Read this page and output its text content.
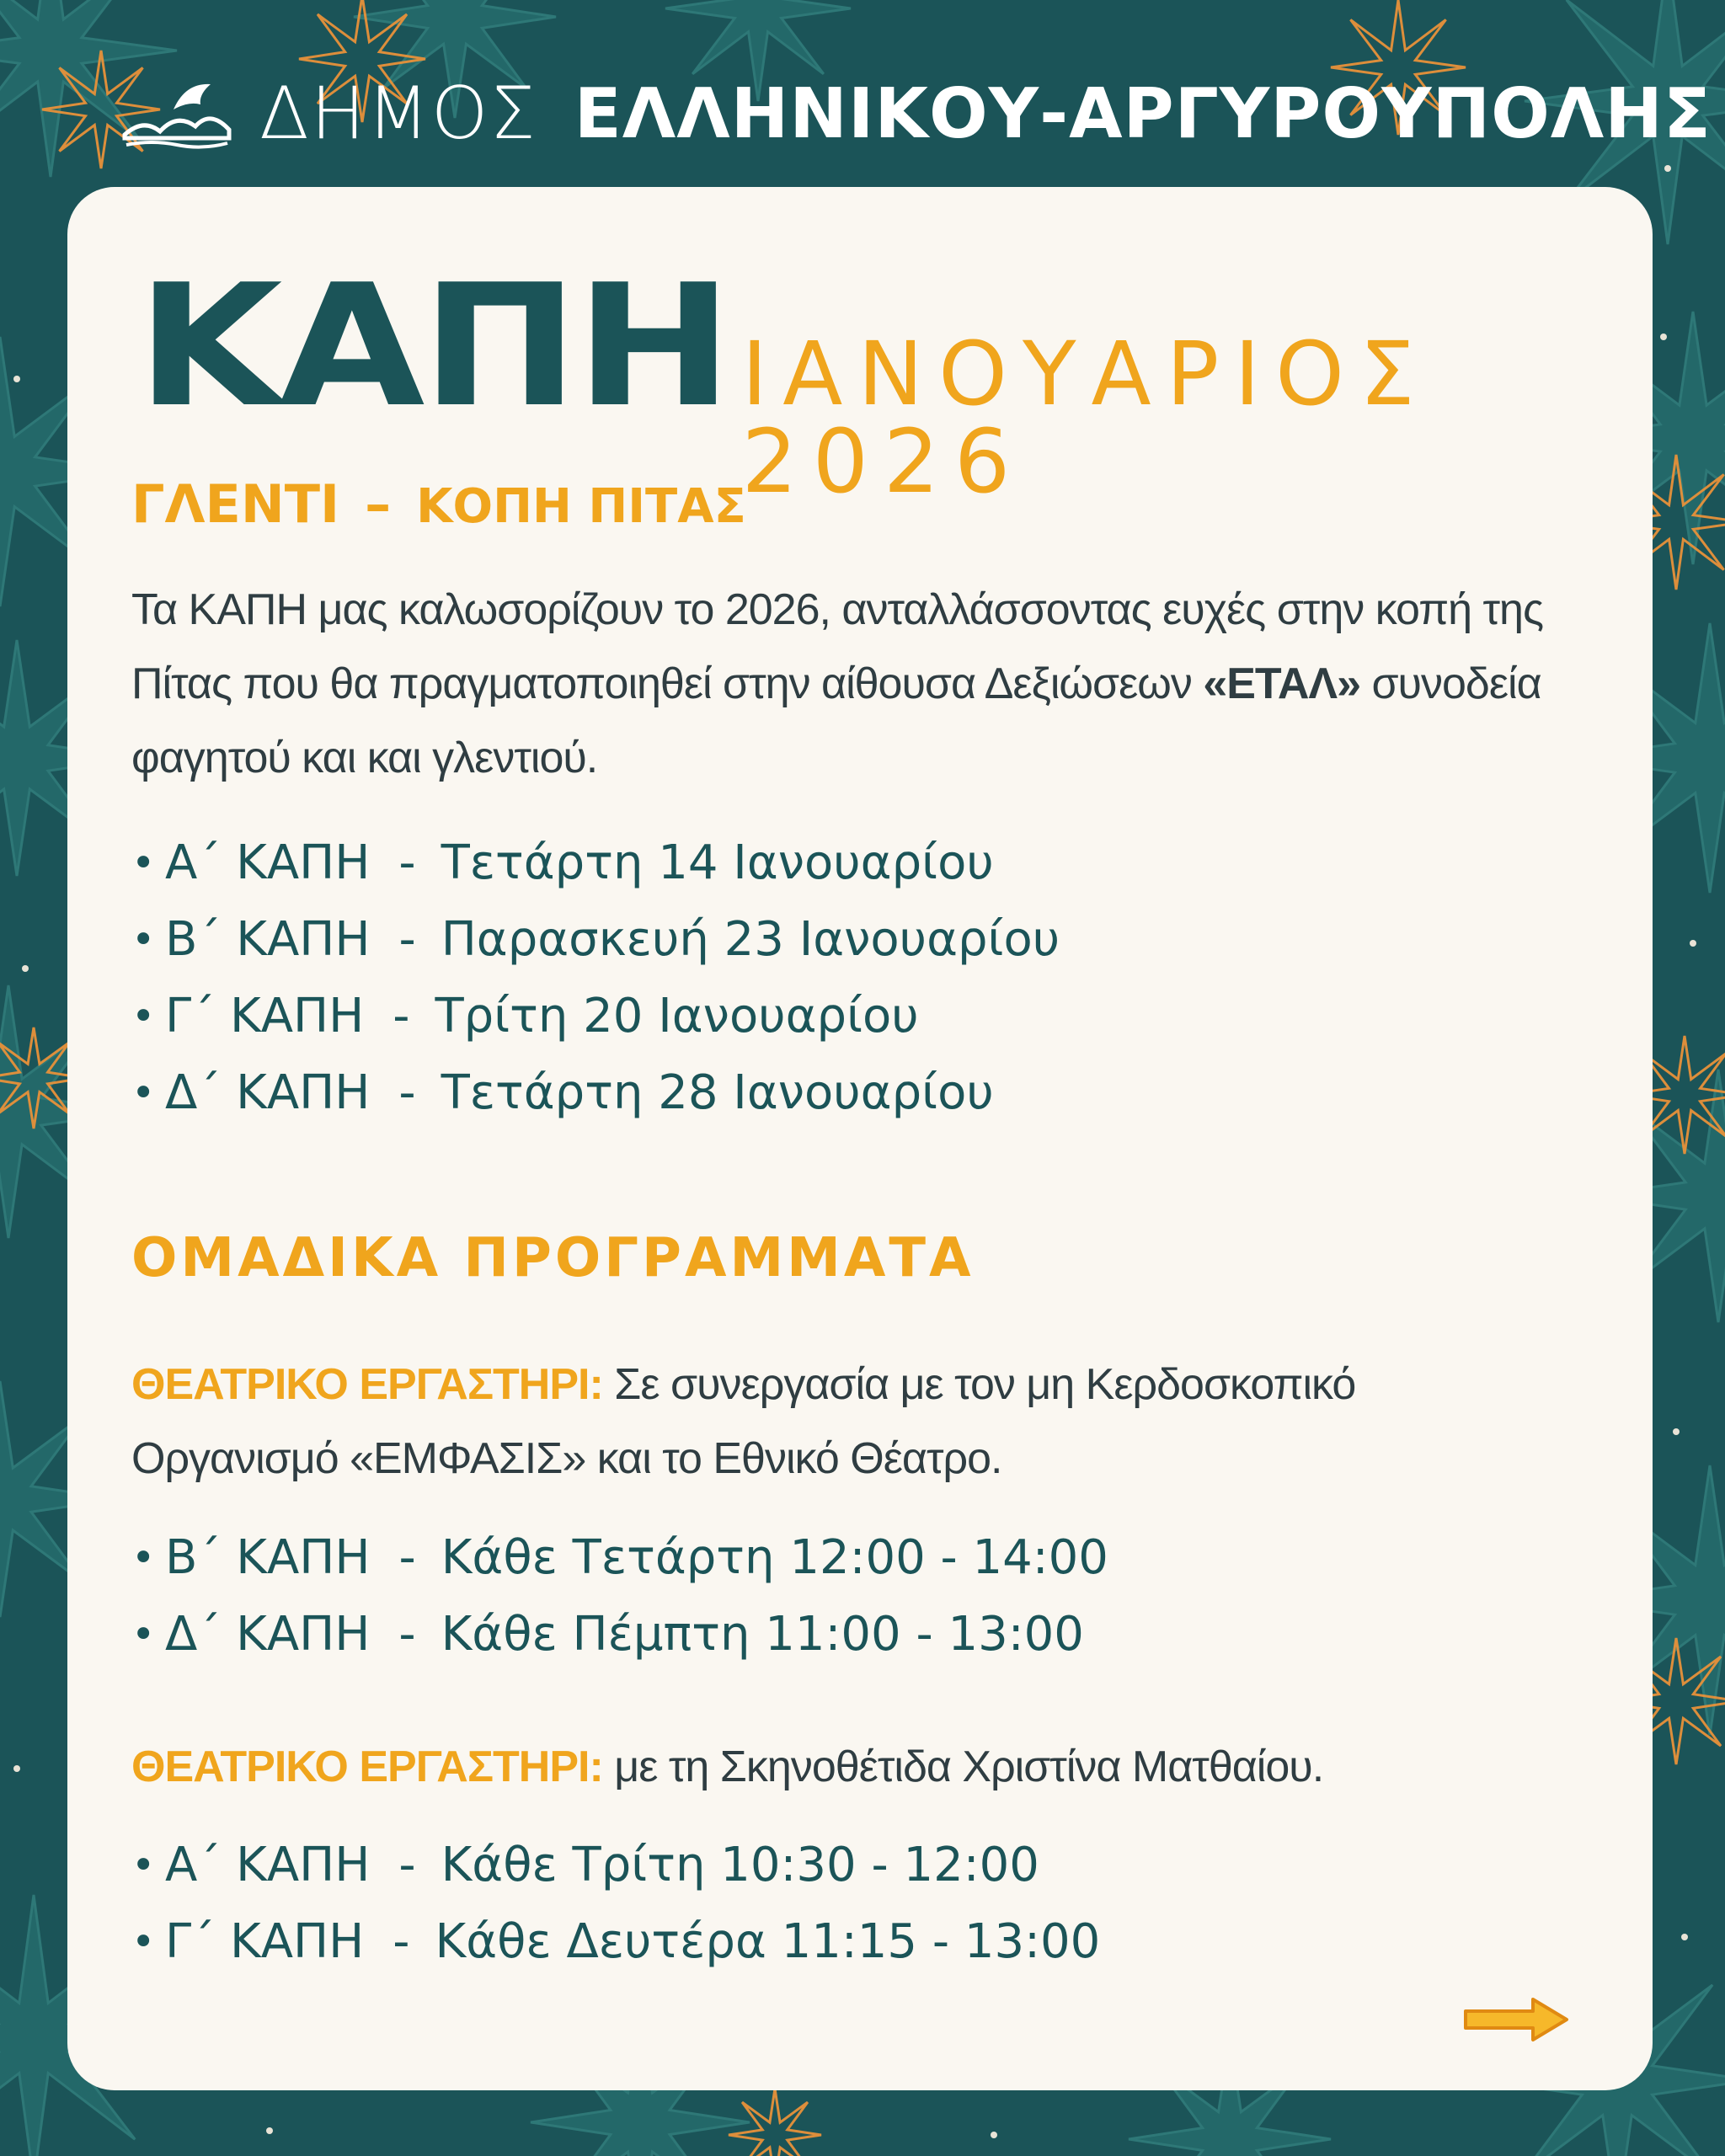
ΔΗΜΟΣ ΕΛΛΗΝΙΚΟΥ-ΑΡΓΥΡΟΥΠΟΛΗΣ
ΚΑΠΗ ΙΑΝΟΥΑΡΙΟΣ 2026
ΓΛΕΝΤΙ – ΚΟΠΗ ΠΙΤΑΣ
Τα ΚΑΠΗ μας καλωσορίζουν το 2026, ανταλλάσσοντας ευχές στην κοπή της Πίτας που θα πραγματοποιηθεί στην αίθουσα Δεξιώσεων «ΕΤΑΛ» συνοδεία φαγητού και και γλεντιού.
• Α΄ ΚΑΠΗ - Τετάρτη 14 Ιανουαρίου
• Β΄ ΚΑΠΗ - Παρασκευή 23 Ιανουαρίου
• Γ΄ ΚΑΠΗ - Τρίτη 20 Ιανουαρίου
• Δ΄ ΚΑΠΗ - Τετάρτη 28 Ιανουαρίου
ΟΜΑΔΙΚΑ ΠΡΟΓΡΑΜΜΑΤΑ
ΘΕΑΤΡΙΚΟ ΕΡΓΑΣΤΗΡΙ: Σε συνεργασία με τον μη Κερδοσκοπικό Οργανισμό «ΕΜΦΑΣΙΣ» και το Εθνικό Θέατρο.
• Β΄ ΚΑΠΗ - Κάθε Τετάρτη 12:00 - 14:00
• Δ΄ ΚΑΠΗ - Κάθε Πέμπτη 11:00 - 13:00
ΘΕΑΤΡΙΚΟ ΕΡΓΑΣΤΗΡΙ: με τη Σκηνοθέτιδα Χριστίνα Ματθαίου.
• Α΄ ΚΑΠΗ - Κάθε Τρίτη 10:30 - 12:00
• Γ΄ ΚΑΠΗ - Κάθε Δευτέρα 11:15 - 13:00
